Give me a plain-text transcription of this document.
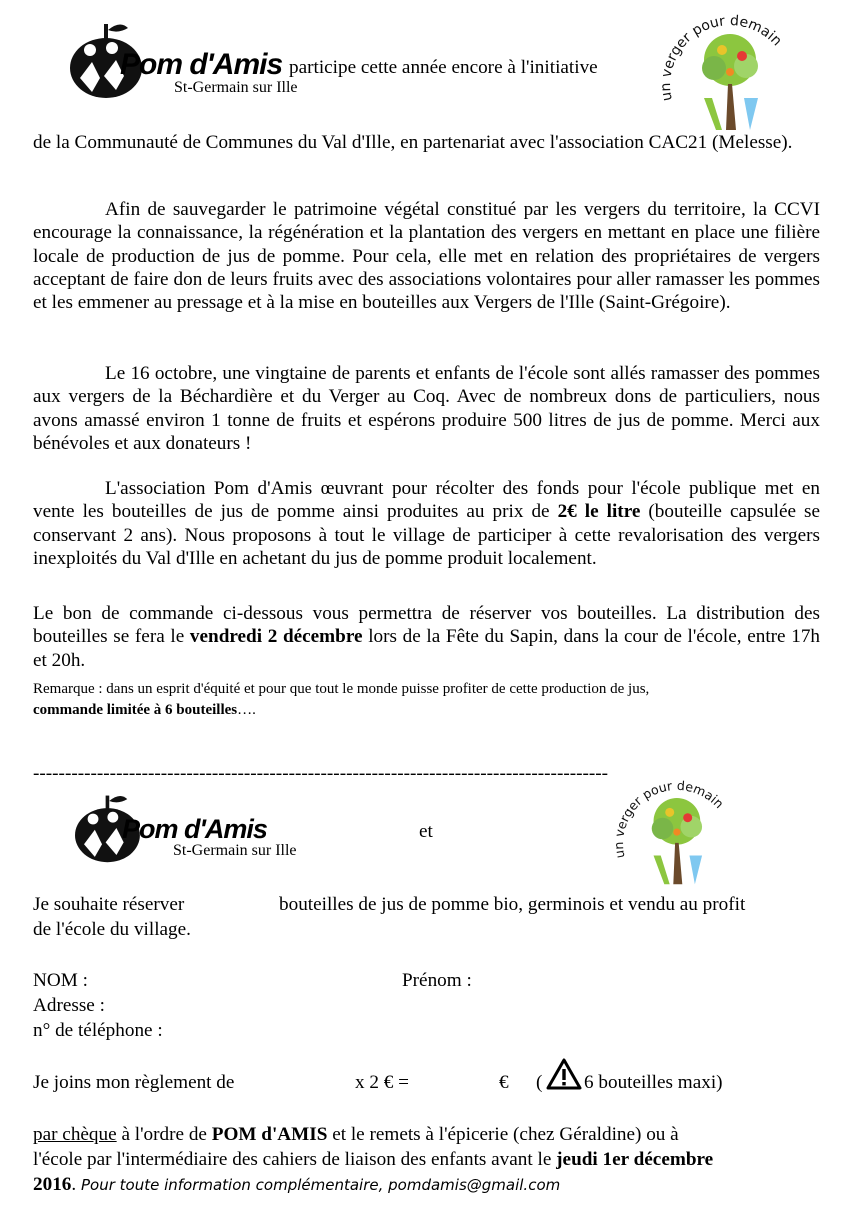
Pom d'Amis
St-Germain sur Ille
participe cette année encore à l'initiative
u verger pour demain

de la Communauté de Communes du Val d'Ille, en partenariat avec l'association CAC21 (Melesse).

Afin de sauvegarder le patrimoine végétal constitué par les vergers du territoire, la CCVI encourage la connaissance, la régénération et la plantation des vergers en mettant en place une filière locale de production de jus de pomme. Pour cela, elle met en relation des propriétaires de vergers acceptant de faire don de leurs fruits avec des associations volontaires pour aller ramasser les pommes et les emmener au pressage et à la mise en bouteilles aux Vergers de l'Ille (Saint-Grégoire).

Le 16 octobre, une vingtaine de parents et enfants de l'école sont allés ramasser des pommes aux vergers de la Béchardière et du Verger au Coq. Avec de nombreux dons de particuliers, nous avons amassé environ 1 tonne de fruits et espérons produire 500 litres de jus de pomme. Merci aux bénévoles et aux donateurs !

L'association Pom d'Amis œuvrant pour récolter des fonds pour l'école publique met en vente les bouteilles de jus de pomme ainsi produites au prix de 2€ le litre (bouteille capsulée se conservant 2 ans). Nous proposons à tout le village de participer à cette revalorisation des vergers inexploités du Val d'Ille en achetant du jus de pomme produit localement.

Le bon de commande ci-dessous vous permettra de réserver vos bouteilles. La distribution des bouteilles se fera le vendredi 2 décembre lors de la Fête du Sapin, dans la cour de l'école, entre 17h et 20h.

Remarque : dans un esprit d'équité et pour que tout le monde puisse profiter de cette production de jus,
commande limitée à 6 bouteilles….
------------------------------------------------------------------------------------------
Pom d'Amis
St-Germain sur Ille
et	erger pour demain
Je souhaite réserver	bouteilles de jus de pomme bio, germinois et vendu au profit
de l'école du village.
NOM :	Prénom :
Adresse :
n° de téléphone :
Je joins mon règlement de	x 2 € =	€ ( 6 bouteilles maxi)
par chèque à l'ordre de POM d'AMIS et le remets à l'épicerie (chez Géraldine) ou à
l'école par l'intermédiaire des cahiers de liaison des enfants avant le jeudi 1er décembre
2016. Pour toute information complémentaire, pomdamis@gmail.com
